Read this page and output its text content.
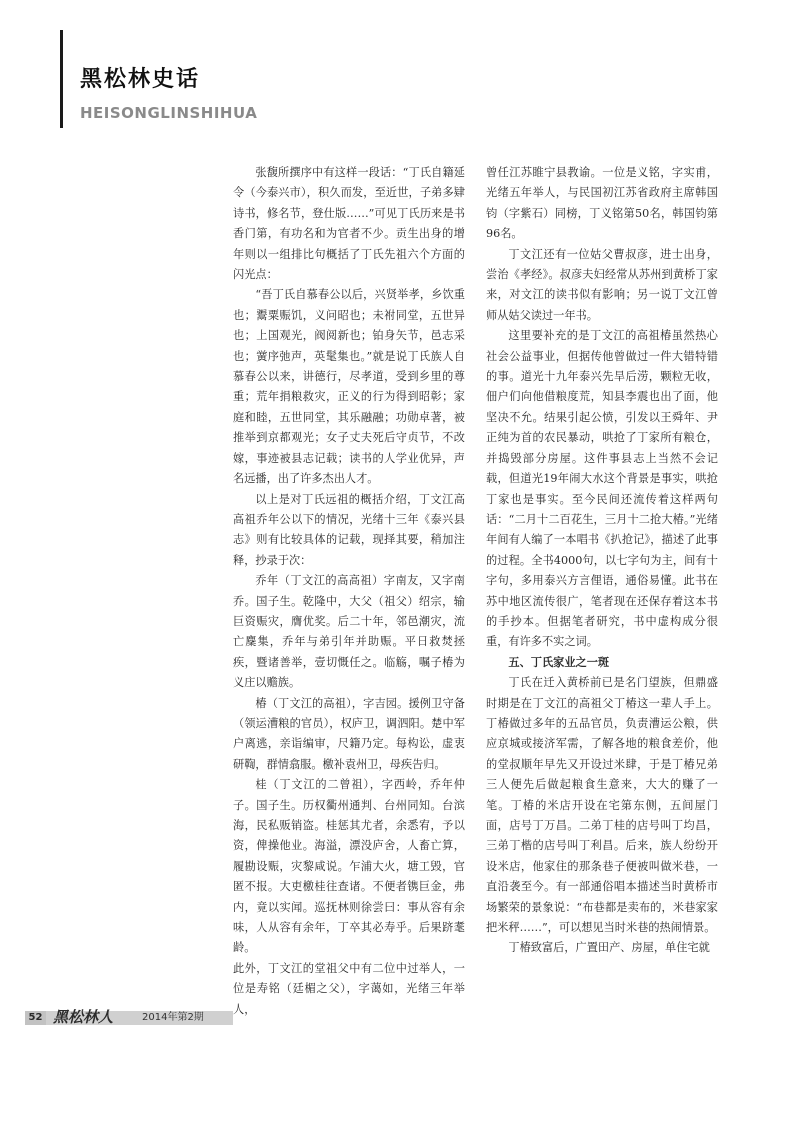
黑松林史话
HEISONGLINSHIHUA

张馥所撰序中有这样一段话：“丁氏自籍延令（今泰兴市），积久而发，至近世，子弟多肄诗书，修名节，登仕版……”可见丁氏历来是书香门第，有功名和为官者不少。贡生出身的增年则以一组排比句概括了丁氏先祖六个方面的闪光点：

“吾丁氏自慕春公以后，兴贤举孝，乡饮重也；鬻粟赈饥，义问昭也；未祔同堂，五世异也；上国观光，阀阅新也；铂身矢节，邑志采也；黉序弛声，英髦集也。”就是说丁氏族人自慕春公以来，讲德行，尽孝道，受到乡里的尊重；荒年捐粮救灾，正义的行为得到昭彰；家庭和睦，五世同堂，其乐融融；功勋卓著，被推举到京都观光；女子丈夫死后守贞节，不改嫁，事迹被县志记载；读书的人学业优异，声名远播，出了许多杰出人才。

以上是对丁氏远祖的概括介绍，丁文江高高祖乔年公以下的情况，光绪十三年《泰兴县志》则有比较具体的记载，现择其要，稍加注释，抄录于次：

乔年（丁文江的高高祖）字南友，又字南乔。国子生。乾隆中，大父（祖父）绍宗，输巨资赈灾，膺优奖。后二十年，邻邑潮灾，流亡麇集，乔年与弟引年并助赈。平日救焚拯疾，暨诸善举，壹切慨任之。临觞，嘱子椿为义庄以赡族。

椿（丁文江的高祖），字吉园。援例卫守备（领运漕粮的官员），权庐卫，调泗阳。楚中军户离逃，亲诣编审，尺籍乃定。每构讼，虚衷研鞫，群情翕服。檄补袁州卫，母疾告归。

桂（丁文江的二曾祖），字西岭，乔年仲子。国子生。历权衢州通判、台州同知。台滨海，民私贩销盗。桂惩其尤者，余悉宥，予以资，俾操他业。海溢，漂没庐舍，人畜亡算，履勘设赈，灾黎咸说。乍浦大火，塘工毁，官匿不报。大吏檄桂往查诸。不便者镌巨金，弗内，竟以实闻。巡抚林则徐尝曰：事从容有余味，人从容有余年，丁卒其必寿乎。后果跻耄龄。

此外，丁文江的堂祖父中有二位中过举人，一位是寿铭（廷楣之父），字蔼如，光绪三年举人，

曾任江苏睢宁县教谕。一位是义铭，字实甫，光绪五年举人，与民国初江苏省政府主席韩国钧（字紫石）同榜，丁义铭第50名，韩国钧第96名。

丁文江还有一位姑父曹叔彦，进士出身，尝治《孝经》。叔彦夫妇经常从苏州到黄桥丁家来，对文江的读书似有影响；另一说丁文江曾师从姑父读过一年书。

这里要补充的是丁文江的高祖椿虽然热心社会公益事业，但据传他曾做过一件大错特错的事。道光十九年泰兴先旱后涝，颗粒无收，佃户们向他借粮度荒，知县李震也出了面，他坚决不允。结果引起公愤，引发以王舜年、尹正纯为首的农民暴动，哄抢了丁家所有粮仓，并捣毁部分房屋。这件事县志上当然不会记载，但道光19年闹大水这个背景是事实，哄抢丁家也是事实。至今民间还流传着这样两句话：“二月十二百花生，三月十二抢大椿。”光绪年间有人编了一本唱书《扒抢记》，描述了此事的过程。全书4000句，以七字句为主，间有十字句，多用泰兴方言俚语，通俗易懂。此书在苏中地区流传很广，笔者现在还保存着这本书的手抄本。但据笔者研究，书中虚构成分很重，有许多不实之词。

五、丁氏家业之一斑

丁氏在迁入黄桥前已是名门望族，但鼎盛时期是在丁文江的高祖父丁椿这一辈人手上。丁椿做过多年的五品官员，负责漕运公粮，供应京城或接济军需，了解各地的粮食差价，他的堂叔顺年早先又开设过米肆，于是丁椿兄弟三人便先后做起粮食生意来，大大的赚了一笔。丁椿的米店开设在宅第东侧，五间屋门面，店号丁万昌。二弟丁桂的店号叫丁均昌，三弟丁楷的店号叫丁利昌。后来，族人纷纷开设米店，他家住的那条巷子便被叫做米巷，一直沿袭至今。有一部通俗唱本描述当时黄桥市场繁荣的景象说：“布巷都是卖布的，米巷家家把米秤……”，可以想见当时米巷的热闹情景。

丁椿致富后，广置田产、房屋，单住宅就

52 黑松林人	2014年第2期
